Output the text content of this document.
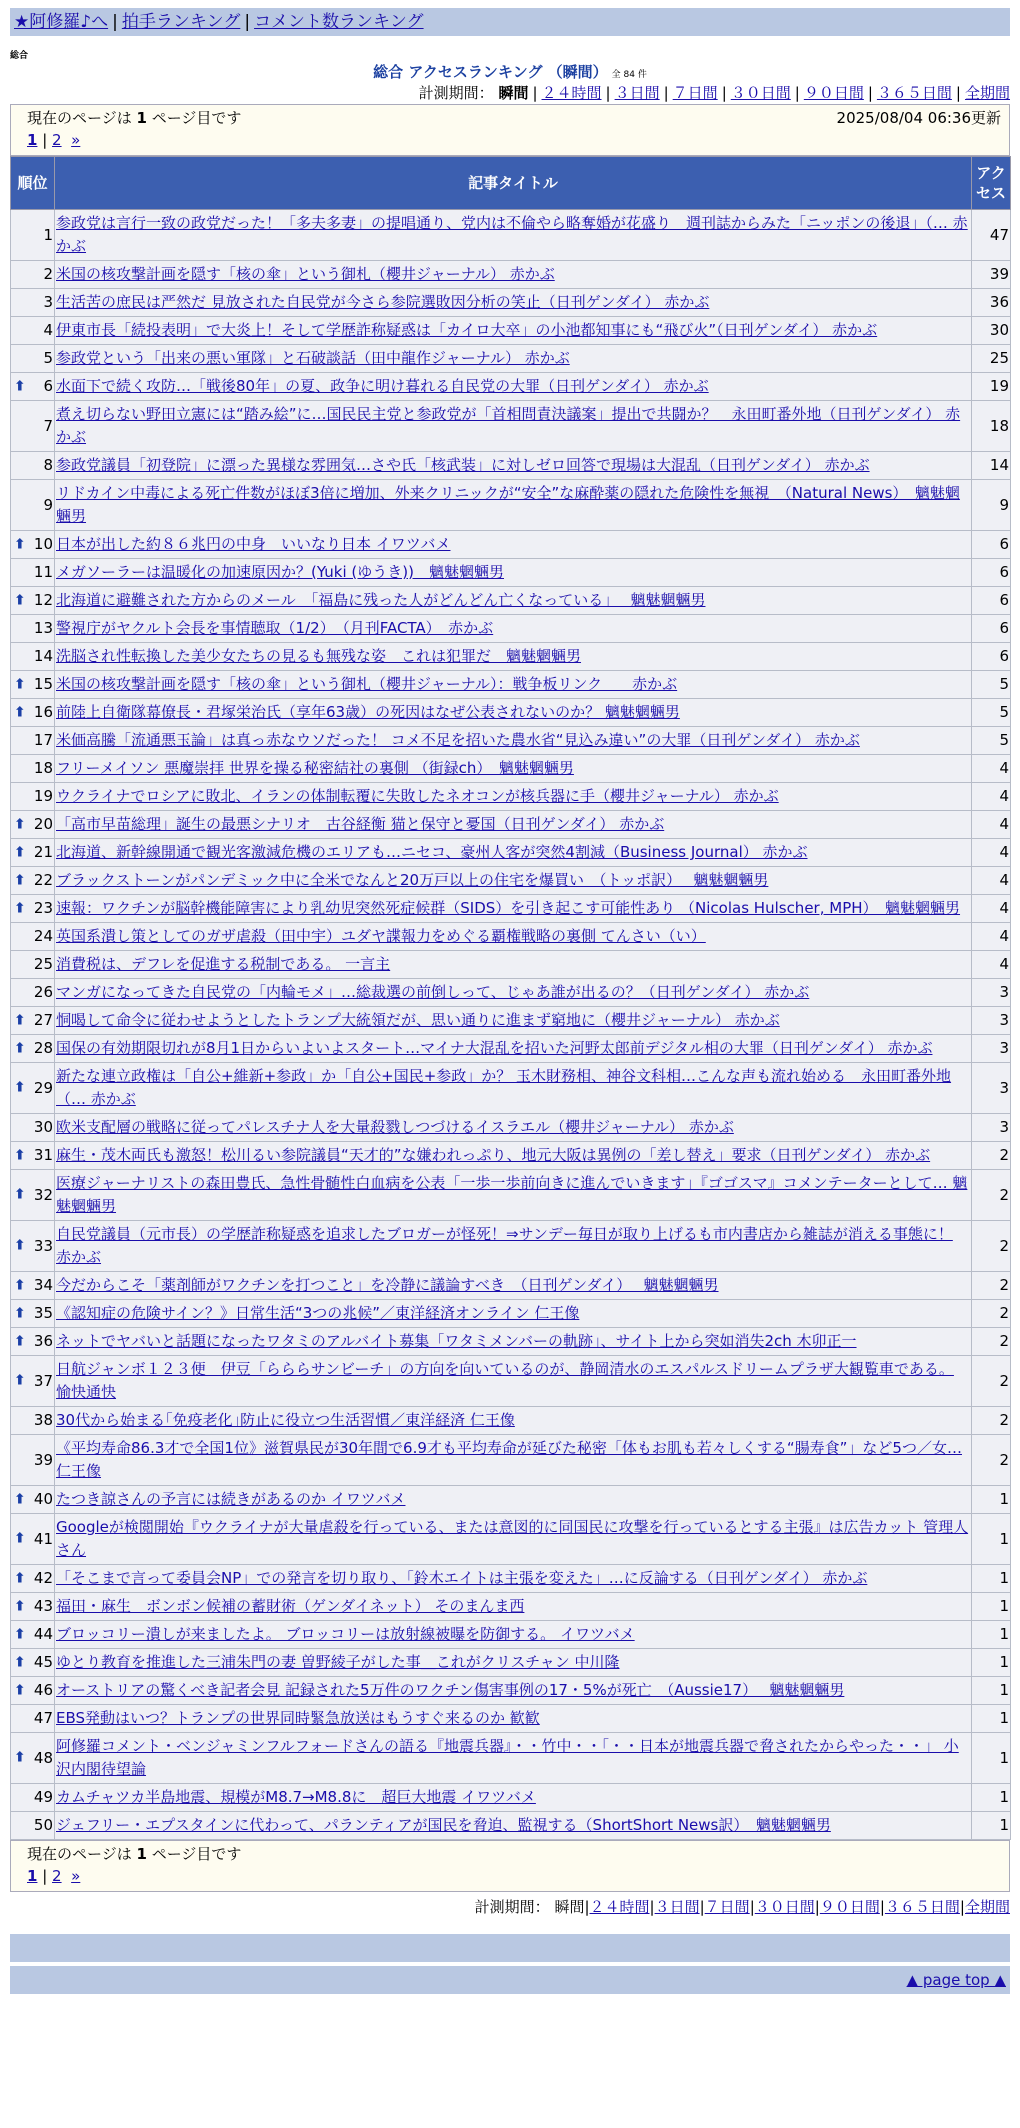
★阿修羅♪へ | 拍手ランキング | コメント数ランキング
総合
総合 アクセスランキング （瞬間） 全 84 件
計測期間： 瞬間 | ２４時間 | ３日間 | ７日間 | ３０日間 | ９０日間 | ３６５日間 | 全期間
現在のページは 1 ページ目です	2025/08/04 06:36更新
1 | 2 »
順位	記事タイトル	アクセス
1	参政党は言行一致の政党だった！「多夫多妻」の提唱通り、党内は不倫やら略奪婚が花盛り　週刊誌からみた「ニッポンの後退」（… 赤かぶ	47
2	米国の核攻撃計画を隠す「核の傘」という御札（櫻井ジャーナル） 赤かぶ	39
3	生活苦の庶民は严然だ 見放された自民党が今さら参院選敗因分析の笑止（日刊ゲンダイ） 赤かぶ	36
4	伊東市長「続投表明」で大炎上！そして学歴詐称疑惑は「カイロ大卒」の小池都知事にも“飛び火”（日刊ゲンダイ） 赤かぶ	30
5	参政党という「出来の悪い軍隊」と石破談話（田中龍作ジャーナル） 赤かぶ	25

⬆ 6	水面下で続く攻防…「戦後80年」の夏、政争に明け暮れる自民党の大罪（日刊ゲンダイ） 赤かぶ	19
7	煮え切らない野田立憲には“踏み絵”に…国民民主党と参政党が「首相問責決議案」提出で共闘か？　永田町番外地（日刊ゲンダイ） 赤かぶ	18
8	参政党議員「初登院」に漂った異様な雰囲気…さや氏「核武装」に対しゼロ回答で現場は大混乱（日刊ゲンダイ） 赤かぶ	14
9	リドカイン中毒による死亡件数がほぼ3倍に増加、外来クリニックが“安全”な麻酔薬の隠れた危険性を無視　（Natural News）　魑魅魍魎男	9

⬆ 10	日本が出した約８６兆円の中身　いいなり日本 イワツバメ	6
11	メガソーラーは温暖化の加速原因か？(Yuki (ゆうき))　魑魅魍魎男	6

⬆ 12	北海道に避難された方からのメール　「福島に残った人がどんどん亡くなっている」　 魑魅魍魎男	6
13	警視庁がヤクルト会長を事情聴取（1/2）　（月刊FACTA）　赤かぶ	6
14	洗脳され性転換した美少女たちの見るも無残な姿　これは犯罪だ　魑魅魍魎男	6

⬆ 15	米国の核攻撃計画を隠す「核の傘」という御札（櫻井ジャーナル）：戦争板リンク　　赤かぶ	5

⬆ 16	前陸上自衛隊幕僚長・君塚栄治氏（享年63歳）の死因はなぜ公表されないのか？ 魑魅魍魎男	5
17	米価高騰「流通悪玉論」は真っ赤なウソだった！ コメ不足を招いた農水省“見込み違い”の大罪（日刊ゲンダイ） 赤かぶ	5
18	フリーメイソン 悪魔崇拝 世界を操る秘密結社の裏側 （街録ch）　魑魅魍魎男	4
19	ウクライナでロシアに敗北、イランの体制転覆に失敗したネオコンが核兵器に手（櫻井ジャーナル） 赤かぶ	4

⬆ 20	「高市早苗総理」誕生の最悪シナリオ　古谷経衡 猫と保守と憂国（日刊ゲンダイ） 赤かぶ	4

⬆ 21	北海道、新幹線開通で観光客激減危機のエリアも…ニセコ、豪州人客が突然4割減（Business Journal） 赤かぶ	4

⬆ 22	ブラックストーンがパンデミック中に全米でなんと20万戸以上の住宅を爆買い　（トッポ訳）　 魑魅魍魎男	4

⬆ 23	速報：ワクチンが脳幹機能障害により乳幼児突然死症候群（SIDS）を引き起こす可能性あり （Nicolas Hulscher, MPH）　魑魅魍魎男	4
24	英国系潰し策としてのガザ虐殺（田中宇）ユダヤ諜報力をめぐる覇権戦略の裏側 てんさい（い）	4
25	消費税は、デフレを促進する税制である。 一言主	4
26	マンガになってきた自民党の「内輪モメ」…総裁選の前倒しって、じゃあ誰が出るの？（日刊ゲンダイ） 赤かぶ	3

⬆ 27	恫喝して命令に従わせようとしたトランプ大統領だが、思い通りに進まず窮地に（櫻井ジャーナル） 赤かぶ	3

⬆ 28	国保の有効期限切れが8月1日からいよいよスタート…マイナ大混乱を招いた河野太郎前デジタル相の大罪（日刊ゲンダイ） 赤かぶ	3

⬆ 29	新たな連立政権は「自公+維新+参政」か「自公+国民+参政」か？ 玉木財務相、神谷文科相…こんな声も流れ始める　永田町番外地（… 赤かぶ	3
30	欧米支配層の戦略に従ってパレスチナ人を大量殺戮しつづけるイスラエル（櫻井ジャーナル） 赤かぶ	3

⬆ 31	麻生・茂木両氏も激怒！松川るい参院議員“天才的”な嫌われっぷり、地元大阪は異例の「差し替え」要求（日刊ゲンダイ） 赤かぶ	2

⬆ 32	医療ジャーナリストの森田豊氏、急性骨髄性白血病を公表「一歩一歩前向きに進んでいきます」『ゴゴスマ』コメンテーターとして… 魑魅魍魎男	2

⬆ 33	自民党議員（元市長）の学歴詐称疑惑を追求したブロガーが怪死！⇒サンデー毎日が取り上げるも市内書店から雑誌が消える事態に！ 赤かぶ	2

⬆ 34	今だからこそ「薬剤師がワクチンを打つこと」を冷静に議論すべき　（日刊ゲンダイ）　 魑魅魍魎男	2

⬆ 35	《認知症の危険サイン？》日常生活“3つの兆候”／東洋経済オンライン 仁王像	2

⬆ 36	ネットでヤバいと話題になったワタミのアルバイト募集「ワタミメンバーの軌跡」、サイト上から突如消失2ch 木卯正一	2

⬆ 37	日航ジャンボ１２３便　伊豆「らららサンビーチ」の方向を向いているのが、静岡清水のエスパルスドリームプラザ大観覧車である。 愉快通快	2
38	30代から始まる｢免疫老化｣防止に役立つ生活習慣／東洋経済 仁王像	2
39	《平均寿命86.3才で全国1位》滋賀県民が30年間で6.9才も平均寿命が延びた秘密「体もお肌も若々しくする“腸寿食”」など5つ／女… 仁王像	2

⬆ 40	たつき諒さんの予言には続きがあるのか イワツバメ	1

⬆ 41	Googleが検閲開始『ウクライナが大量虐殺を行っている、または意図的に同国民に攻撃を行っているとする主張』は広告カット 管理人さん	1

⬆ 42	「そこまで言って委員会NP」での発言を切り取り、「鈴木エイトは主張を変えた」…に反論する（日刊ゲンダイ） 赤かぶ	1

⬆ 43	福田・麻生　ボンボン候補の蓄財術（ゲンダイネット） そのまんま西	1

⬆ 44	ブロッコリー潰しが来ましたよ。 ブロッコリーは放射線被曝を防御する。 イワツバメ	1

⬆ 45	ゆとり教育を推進した三浦朱門の妻 曽野綾子がした事＿これがクリスチャン 中川隆	1

⬆ 46	オーストリアの驚くべき記者会見 記録された5万件のワクチン傷害事例の17・5%が死亡　（Aussie17）　 魑魅魍魎男	1
47	EBS発動はいつ？トランプの世界同時緊急放送はもうすぐ来るのか 歓歓	1

⬆ 48	阿修羅コメント・ベンジャミンフルフォードさんの語る『地震兵器』・・竹中・・「・・日本が地震兵器で脅されたからやった・・」 小沢内閣待望論	1
49	カムチャツカ半島地震、規模がM8.7→M8.8に　超巨大地震 イワツバメ	1
50	ジェフリー・エプスタインに代わって、パランティアが国民を脅迫、監視する（ShortShort News訳）　魑魅魍魎男	1
現在のページは 1 ページ目です
1 | 2 »
計測期間： 瞬間|２４時間|３日間|７日間|３０日間|９０日間|３６５日間|全期間
▲ page top ▲
